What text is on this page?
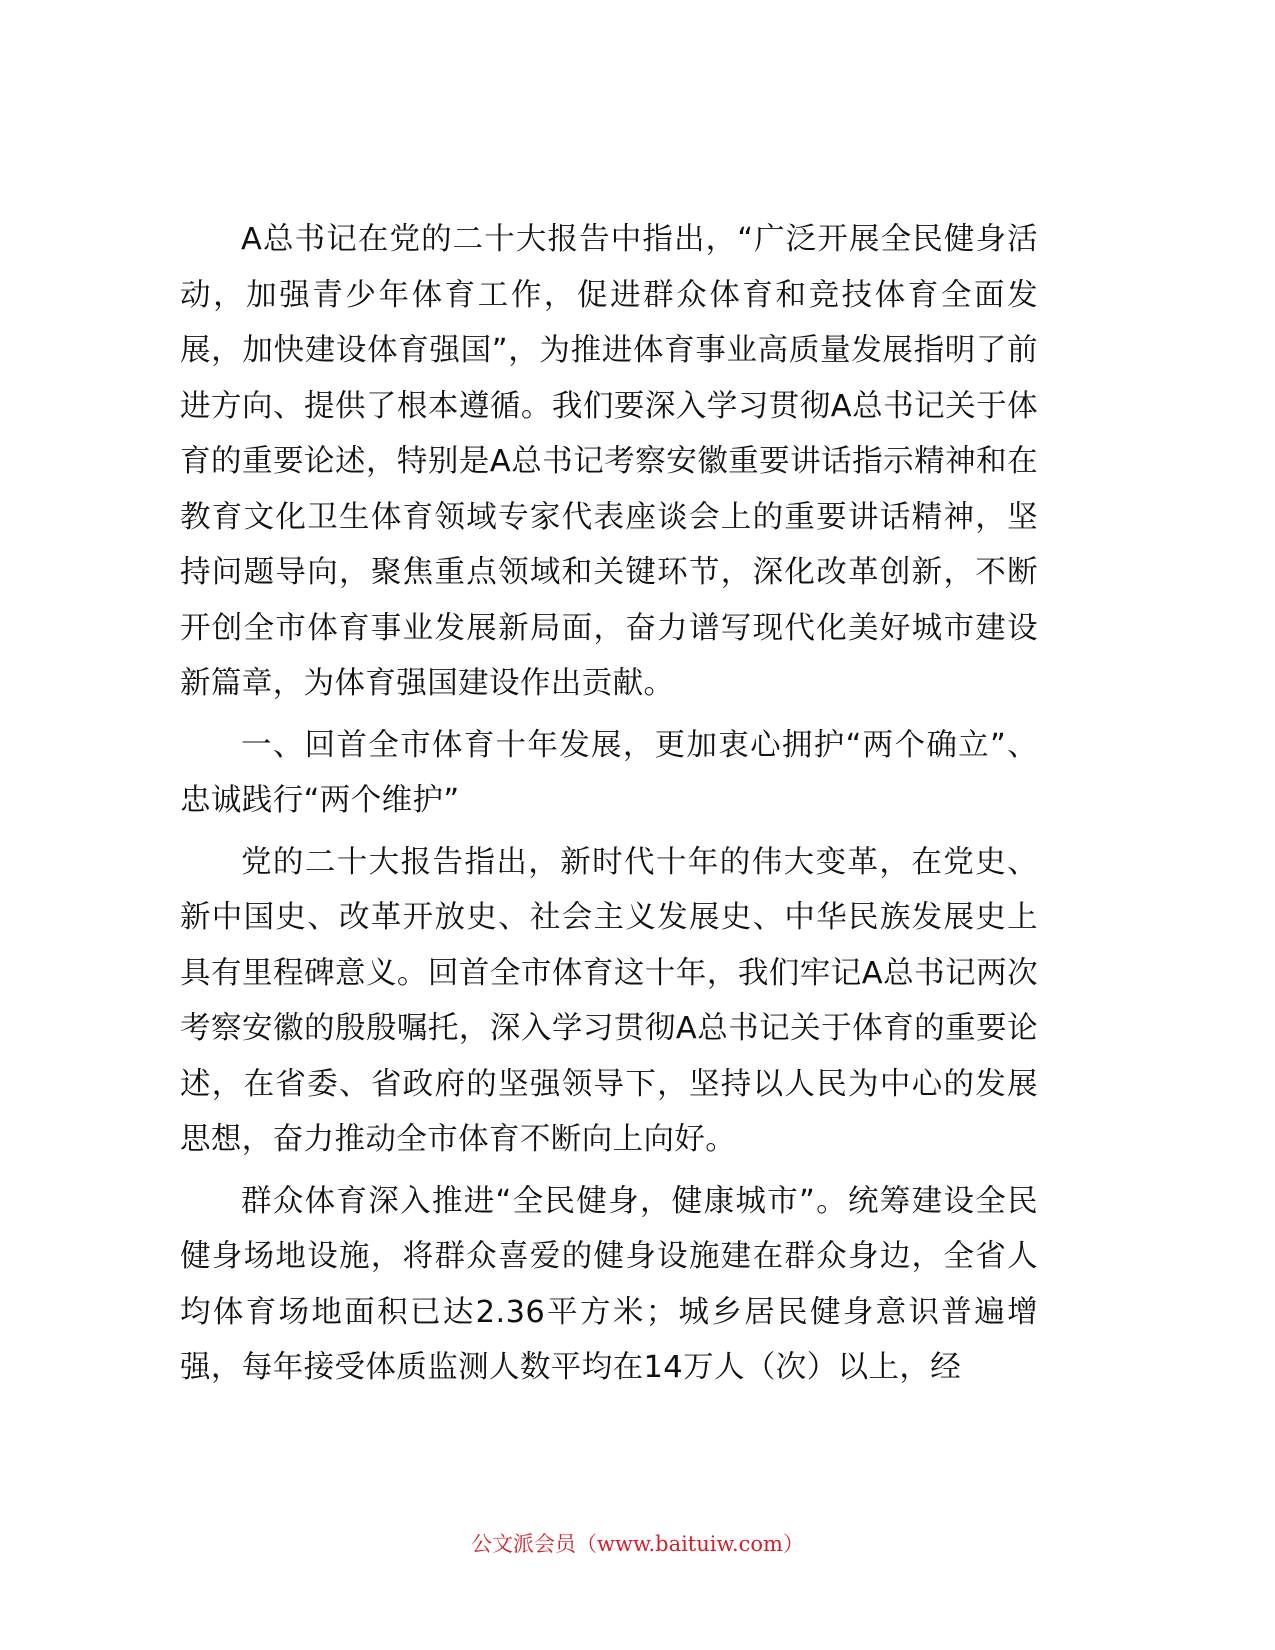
A总书记在党的二十大报告中指出，“广泛开展全民健身活动，加强青少年体育工作，促进群众体育和竞技体育全面发展，加快建设体育强国”，为推进体育事业高质量发展指明了前进方向、提供了根本遵循。我们要深入学习贯彻A总书记关于体育的重要论述，特别是A总书记考察安徽重要讲话指示精神和在教育文化卫生体育领域专家代表座谈会上的重要讲话精神，坚持问题导向，聚焦重点领域和关键环节，深化改革创新，不断开创全市体育事业发展新局面，奋力谱写现代化美好城市建设新篇章，为体育强国建设作出贡献。

一、回首全市体育十年发展，更加衷心拥护“两个确立”、忠诚践行“两个维护”

党的二十大报告指出，新时代十年的伟大变革，在党史、新中国史、改革开放史、社会主义发展史、中华民族发展史上具有里程碑意义。回首全市体育这十年，我们牢记A总书记两次考察安徽的殷殷嘱托，深入学习贯彻A总书记关于体育的重要论述，在省委、省政府的坚强领导下，坚持以人民为中心的发展思想，奋力推动全市体育不断向上向好。

群众体育深入推进“全民健身，健康城市”。统筹建设全民健身场地设施，将群众喜爱的健身设施建在群众身边，全省人均体育场地面积已达2.36平方米；城乡居民健身意识普遍增强，每年接受体质监测人数平均在14万人（次）以上，经

公文派会员（www.baituiw.com）
